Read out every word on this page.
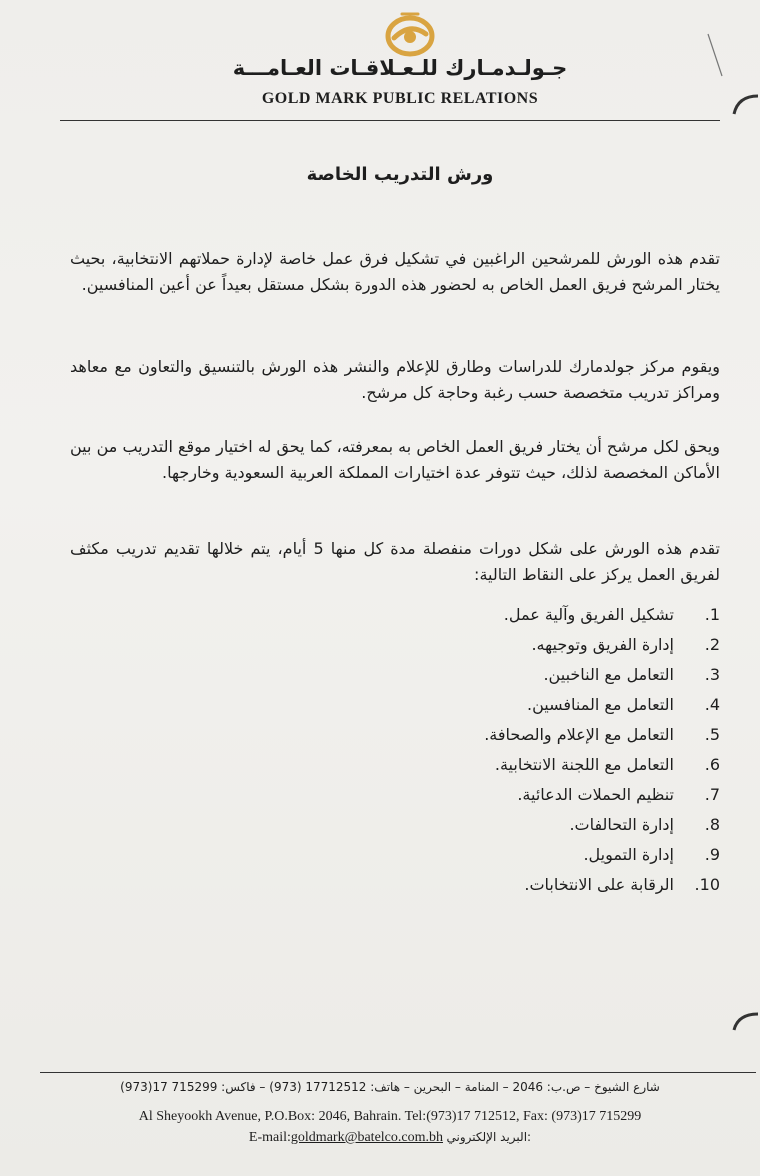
جـولـدمـارك للـعـلاقـات العـامـــة
GOLD MARK PUBLIC RELATIONS
ورش التدريب الخاصة

تقدم هذه الورش للمرشحين الراغبين في تشكيل فرق عمل خاصة لإدارة حملاتهم الانتخابية، بحيث يختار المرشح فريق العمل الخاص به لحضور هذه الدورة بشكل مستقل بعيداً عن أعين المنافسين.

ويقوم مركز جولدمارك للدراسات وطارق للإعلام والنشر هذه الورش بالتنسيق والتعاون مع معاهد ومراكز تدريب متخصصة حسب رغبة وحاجة كل مرشح.

ويحق لكل مرشح أن يختار فريق العمل الخاص به بمعرفته، كما يحق له اختيار موقع التدريب من بين الأماكن المخصصة لذلك، حيث تتوفر عدة اختيارات المملكة العربية السعودية وخارجها.

تقدم هذه الورش على شكل دورات منفصلة مدة كل منها 5 أيام، يتم خلالها تقديم تدريب مكثف لفريق العمل يركز على النقاط التالية:

1.
تشكيل الفريق وآلية عمل.
2.
إدارة الفريق وتوجيهه.
3.
التعامل مع الناخبين.
4.
التعامل مع المنافسين.
5.
التعامل مع الإعلام والصحافة.
6.
التعامل مع اللجنة الانتخابية.
7.
تنظيم الحملات الدعائية.
8.
إدارة التحالفات.
9.
إدارة التمويل.
10.
الرقابة على الانتخابات.
شارع الشيوخ – ص.ب: 2046 – المنامة – البحرين – هاتف: 17712512 (973) – فاكس: 715299 17(973)
Al Sheyookh Avenue, P.O.Box: 2046, Bahrain. Tel:(973)17 712512, Fax: (973)17 715299
E-mail:goldmark@batelco.com.bh البريد الإلكتروني:
